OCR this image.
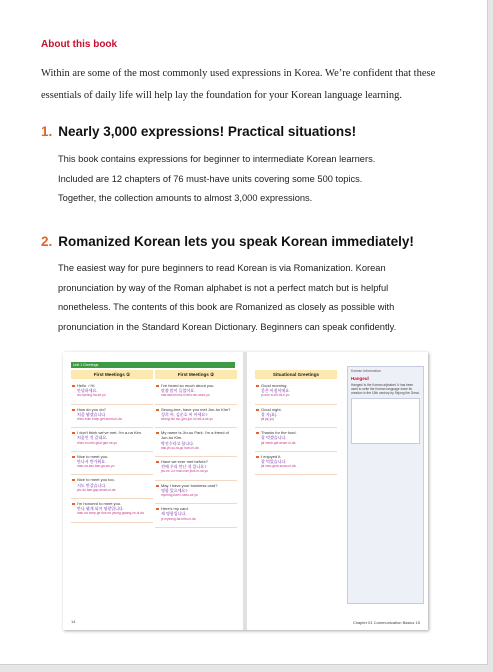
About this book
Within are some of the most commonly used expressions in Korea. We’re confident that these essentials of daily life will help lay the foundation for your Korean language learning.
1. Nearly 3,000 expressions! Practical situations!
This book contains expressions for beginner to intermediate Korean learners.
Included are 12 chapters of 76 must-have units covering some 500 topics.
Together, the collection amounts to almost 3,000 expressions.
2. Romanized Korean lets you speak Korean immediately!
The easiest way for pure beginners to read Korean is via Romanization. Korean
pronunciation by way of the Roman alphabet is not a perfect match but is helpful
nonetheless. The contents of this book are Romanized as closely as possible with
pronunciation in the Standard Korean Dictionary. Beginners can speak confidently.
Unit 1 Greetings
First Meetings ①
Hello. / Hi.
안녕하세요.
an-nyeong-ha-se-yo
How do you do?
처음 뵙겠습니다.
cheo-eum boep-get-seum-ni-da
I don't think we've met. I'm a-na Kim.
처음인 것 같네요.
cheo-eu-min geot gan-ne-yo
Nice to meet you.
만나서 반가워요.
man-na-seo ban-ga-wo-yo
Nice to meet you too.
저도 반갑습니다.
jeo-do ban-gap-seum-ni-da
I'm honored to meet you.
만나 뵙게 되어 영광입니다.
man-na boep-ge doe-eo yeong-gwang-im-ni-da
First Meetings ②
I've heard so much about you.
말씀 많이 들었어요.
mal-sseum ma-ni deu-reo-sseo-yo
Seong-hee, have you met Jun-ho Kim?
성희 씨, 김준호 씨 아세요?
seong-hui ssi, gim-jun-ho ssi a-se-yo
My name is Jin-su Park. I'm a friend of Jun-ho Kim.
박진수라고 합니다.
bak-jin-su-ra-go ham-ni-da
Have we ever met before?
전에 우리 만난 적 있나요?
jeo-ne u-ri man-nan jeok in-na-yo
May I have your business card?
명함 있으세요?
myeong-ham i-sseu-se-yo
Here's my card.
제 명함입니다.
je myeong-ha-mim-ni-da
14
Situational Greetings
Good morning.
좋은 아침이에요.
jo-eun a-chi-mi-e-yo
Good night.
잘 자(요).
jal ja(-yo)
Thanks for the food.
잘 먹겠습니다.
jal meok-get-seum-ni-da
I enjoyed it.
잘 먹었습니다.
jal meo-geot-seum-ni-da
Korean Information
Hangeul
Hangeul is the Korean alphabet. It has been used to write the Korean language since its creation in the 15th century by Sejong the Great.
Chapter 01 Communication Basics 15
